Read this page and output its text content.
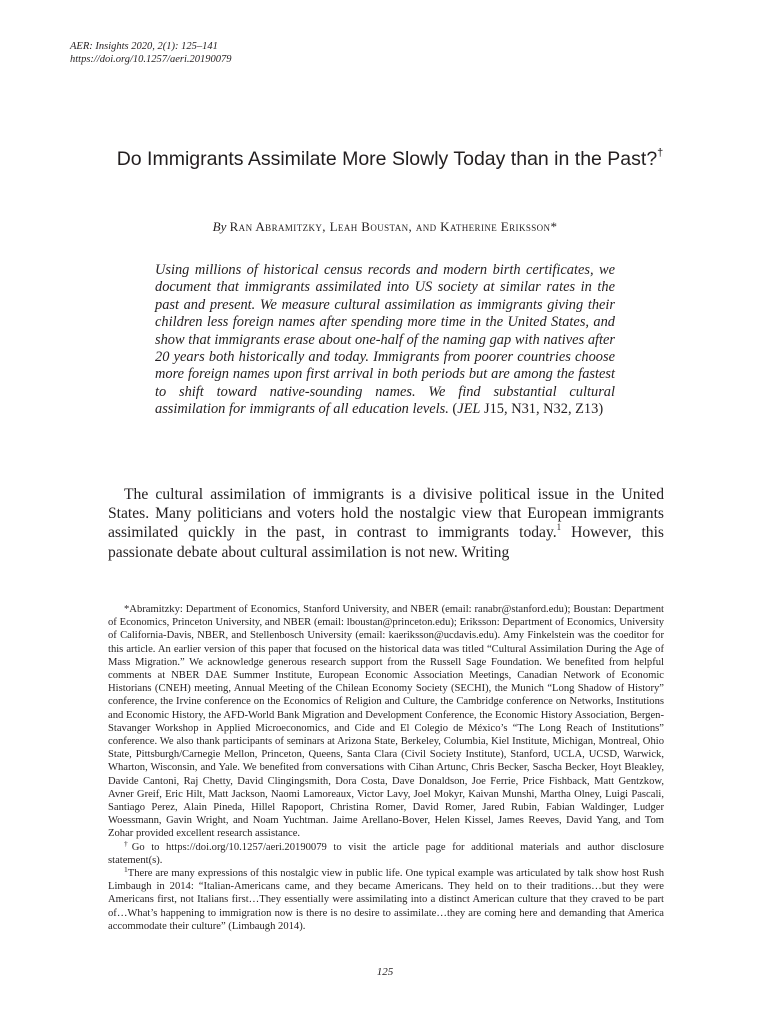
AER: Insights 2020, 2(1): 125–141
https://doi.org/10.1257/aeri.20190079
Do Immigrants Assimilate More Slowly Today than in the Past?†
By Ran Abramitzky, Leah Boustan, and Katherine Eriksson*
Using millions of historical census records and modern birth certificates, we document that immigrants assimilated into US society at similar rates in the past and present. We measure cultural assimilation as immigrants giving their children less foreign names after spending more time in the United States, and show that immigrants erase about one-half of the naming gap with natives after 20 years both historically and today. Immigrants from poorer countries choose more foreign names upon first arrival in both periods but are among the fastest to shift toward native-sounding names. We find substantial cultural assimilation for immigrants of all education levels. (JEL J15, N31, N32, Z13)

The cultural assimilation of immigrants is a divisive political issue in the United States. Many politicians and voters hold the nostalgic view that European immigrants assimilated quickly in the past, in contrast to immigrants today.$^1$ However, this passionate debate about cultural assimilation is not new. Writing

*Abramitzky: Department of Economics, Stanford University, and NBER (email: ranabr@stanford.edu); Boustan: Department of Economics, Princeton University, and NBER (email: lboustan@princeton.edu); Eriksson: Department of Economics, University of California-Davis, NBER, and Stellenbosch University (email: kaeriksson@ucdavis.edu). Amy Finkelstein was the coeditor for this article. An earlier version of this paper that focused on the historical data was titled “Cultural Assimilation During the Age of Mass Migration.” We acknowledge generous research support from the Russell Sage Foundation. We benefited from helpful comments at NBER DAE Summer Institute, European Economic Association Meetings, Canadian Network of Economic Historians (CNEH) meeting, Annual Meeting of the Chilean Economy Society (SECHI), the Munich “Long Shadow of History” conference, the Irvine conference on the Economics of Religion and Culture, the Cambridge conference on Networks, Institutions and Economic History, the AFD-World Bank Migration and Development Conference, the Economic History Association, Bergen-Stavanger Workshop in Applied Microeconomics, and Cide and El Colegio de México’s “The Long Reach of Institutions” conference. We also thank participants of seminars at Arizona State, Berkeley, Columbia, Kiel Institute, Michigan, Montreal, Ohio State, Pittsburgh/Carnegie Mellon, Princeton, Queens, Santa Clara (Civil Society Institute), Stanford, UCLA, UCSD, Warwick, Wharton, Wisconsin, and Yale. We benefited from conversations with Cihan Artunc, Chris Becker, Sascha Becker, Hoyt Bleakley, Davide Cantoni, Raj Chetty, David Clingingsmith, Dora Costa, Dave Donaldson, Joe Ferrie, Price Fishback, Matt Gentzkow, Avner Greif, Eric Hilt, Matt Jackson, Naomi Lamoreaux, Victor Lavy, Joel Mokyr, Kaivan Munshi, Martha Olney, Luigi Pascali, Santiago Perez, Alain Pineda, Hillel Rapoport, Christina Romer, David Romer, Jared Rubin, Fabian Waldinger, Ludger Woessmann, Gavin Wright, and Noam Yuchtman. Jaime Arellano-Bover, Helen Kissel, James Reeves, David Yang, and Tom Zohar provided excellent research assistance.

†Go to https://doi.org/10.1257/aeri.20190079 to visit the article page for additional materials and author disclosure statement(s).

$^1$There are many expressions of this nostalgic view in public life. One typical example was articulated by talk show host Rush Limbaugh in 2014: “Italian-Americans came, and they became Americans. They held on to their traditions…but they were Americans first, not Italians first…They essentially were assimilating into a distinct American culture that they craved to be part of…What’s happening to immigration now is there is no desire to assimilate…they are coming here and demanding that America accommodate their culture” (Limbaugh 2014).

125
